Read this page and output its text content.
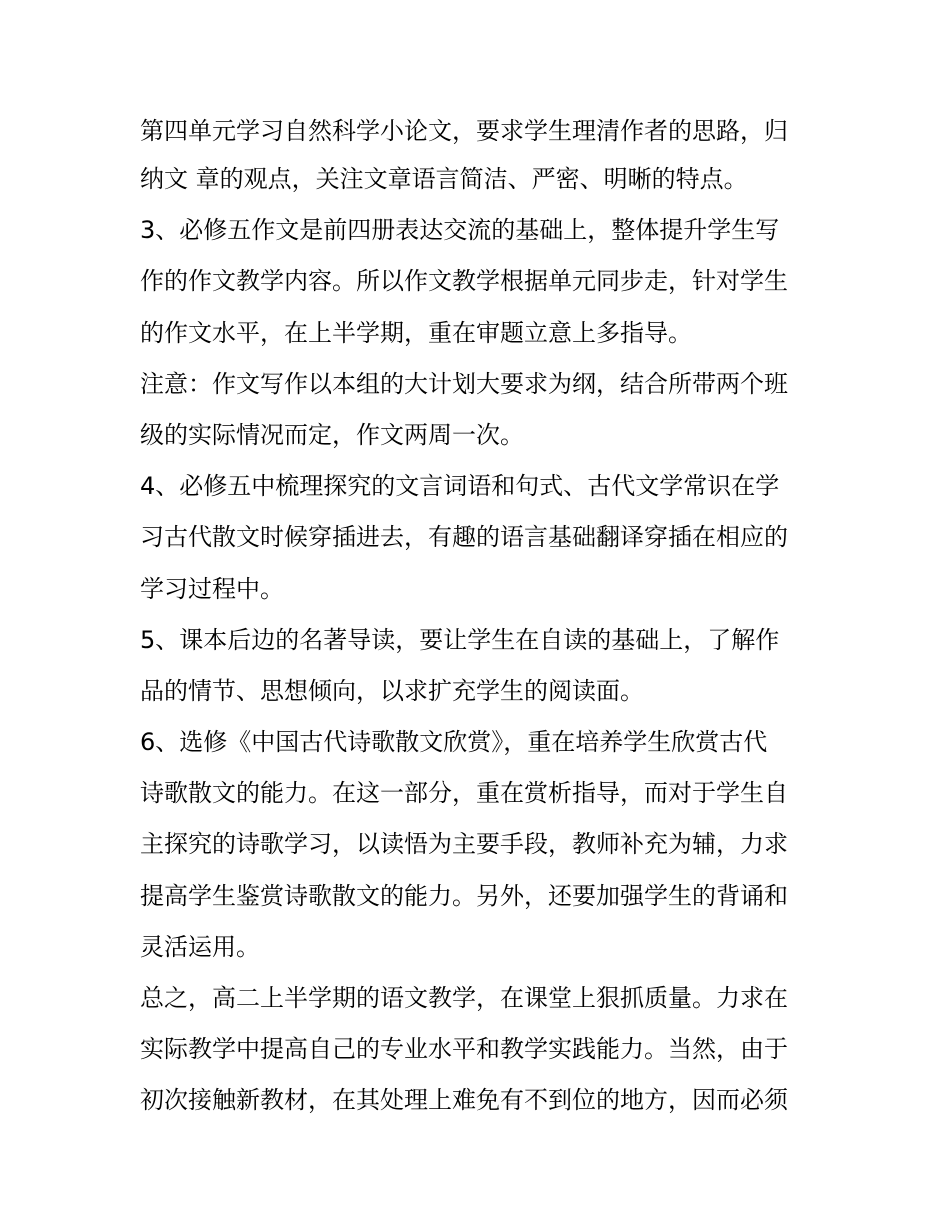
第四单元学习自然科学小论文，要求学生理清作者的思路，归
纳文 章的观点，关注文章语言简洁、严密、明晰的特点。
3、必修五作文是前四册表达交流的基础上，整体提升学生写
作的作文教学内容。所以作文教学根据单元同步走，针对学生
的作文水平，在上半学期，重在审题立意上多指导。
注意：作文写作以本组的大计划大要求为纲，结合所带两个班
级的实际情况而定，作文两周一次。
4、必修五中梳理探究的文言词语和句式、古代文学常识在学
习古代散文时候穿插进去，有趣的语言基础翻译穿插在相应的
学习过程中。
5、课本后边的名著导读，要让学生在自读的基础上，了解作
品的情节、思想倾向，以求扩充学生的阅读面。
6、选修《中国古代诗歌散文欣赏》，重在培养学生欣赏古代
诗歌散文的能力。在这一部分，重在赏析指导，而对于学生自
主探究的诗歌学习，以读悟为主要手段，教师补充为辅，力求
提高学生鉴赏诗歌散文的能力。另外，还要加强学生的背诵和
灵活运用。
总之，高二上半学期的语文教学，在课堂上狠抓质量。力求在
实际教学中提高自己的专业水平和教学实践能力。当然，由于
初次接触新教材，在其处理上难免有不到位的地方，因而必须
